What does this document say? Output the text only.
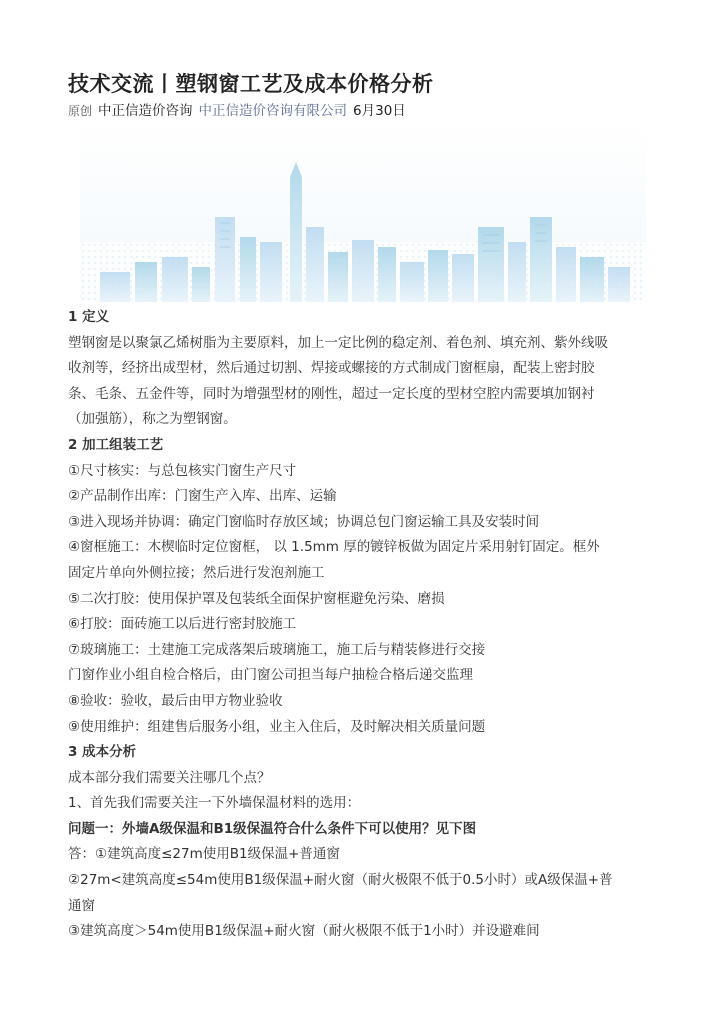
技术交流丨塑钢窗工艺及成本价格分析
原创 中正信造价咨询 中正信造价咨询有限公司 6月30日

1 定义

塑钢窗是以聚氯乙烯树脂为主要原料，加上一定比例的稳定剂、着色剂、填充剂、紫外线吸

收剂等，经挤出成型材，然后通过切割、焊接或螺接的方式制成门窗框扇，配装上密封胶

条、毛条、五金件等，同时为增强型材的刚性，超过一定长度的型材空腔内需要填加钢衬

（加强筋），称之为塑钢窗。

2 加工组装工艺

①尺寸核实：与总包核实门窗生产尺寸

②产品制作出库：门窗生产入库、出库、运输

③进入现场并协调：确定门窗临时存放区域；协调总包门窗运输工具及安装时间

④窗框施工：木楔临时定位窗框， 以 1.5mm 厚的镀锌板做为固定片采用射钉固定。框外

固定片单向外侧拉接；然后进行发泡剂施工

⑤二次打胶：使用保护罩及包装纸全面保护窗框避免污染、磨损

⑥打胶：面砖施工以后进行密封胶施工

⑦玻璃施工：土建施工完成落架后玻璃施工，施工后与精装修进行交接

门窗作业小组自检合格后，由门窗公司担当每户抽检合格后递交监理

⑧验收：验收，最后由甲方物业验收

⑨使用维护：组建售后服务小组，业主入住后，及时解决相关质量问题

3 成本分析

成本部分我们需要关注哪几个点？

1、首先我们需要关注一下外墙保温材料的选用：

问题一：外墙A级保温和B1级保温符合什么条件下可以使用？见下图

答：①建筑高度≤27m使用B1级保温+普通窗

②27m<建筑高度≤54m使用B1级保温+耐火窗（耐火极限不低于0.5小时）或A级保温+普

通窗

③建筑高度＞54m使用B1级保温+耐火窗（耐火极限不低于1小时）并设避难间
